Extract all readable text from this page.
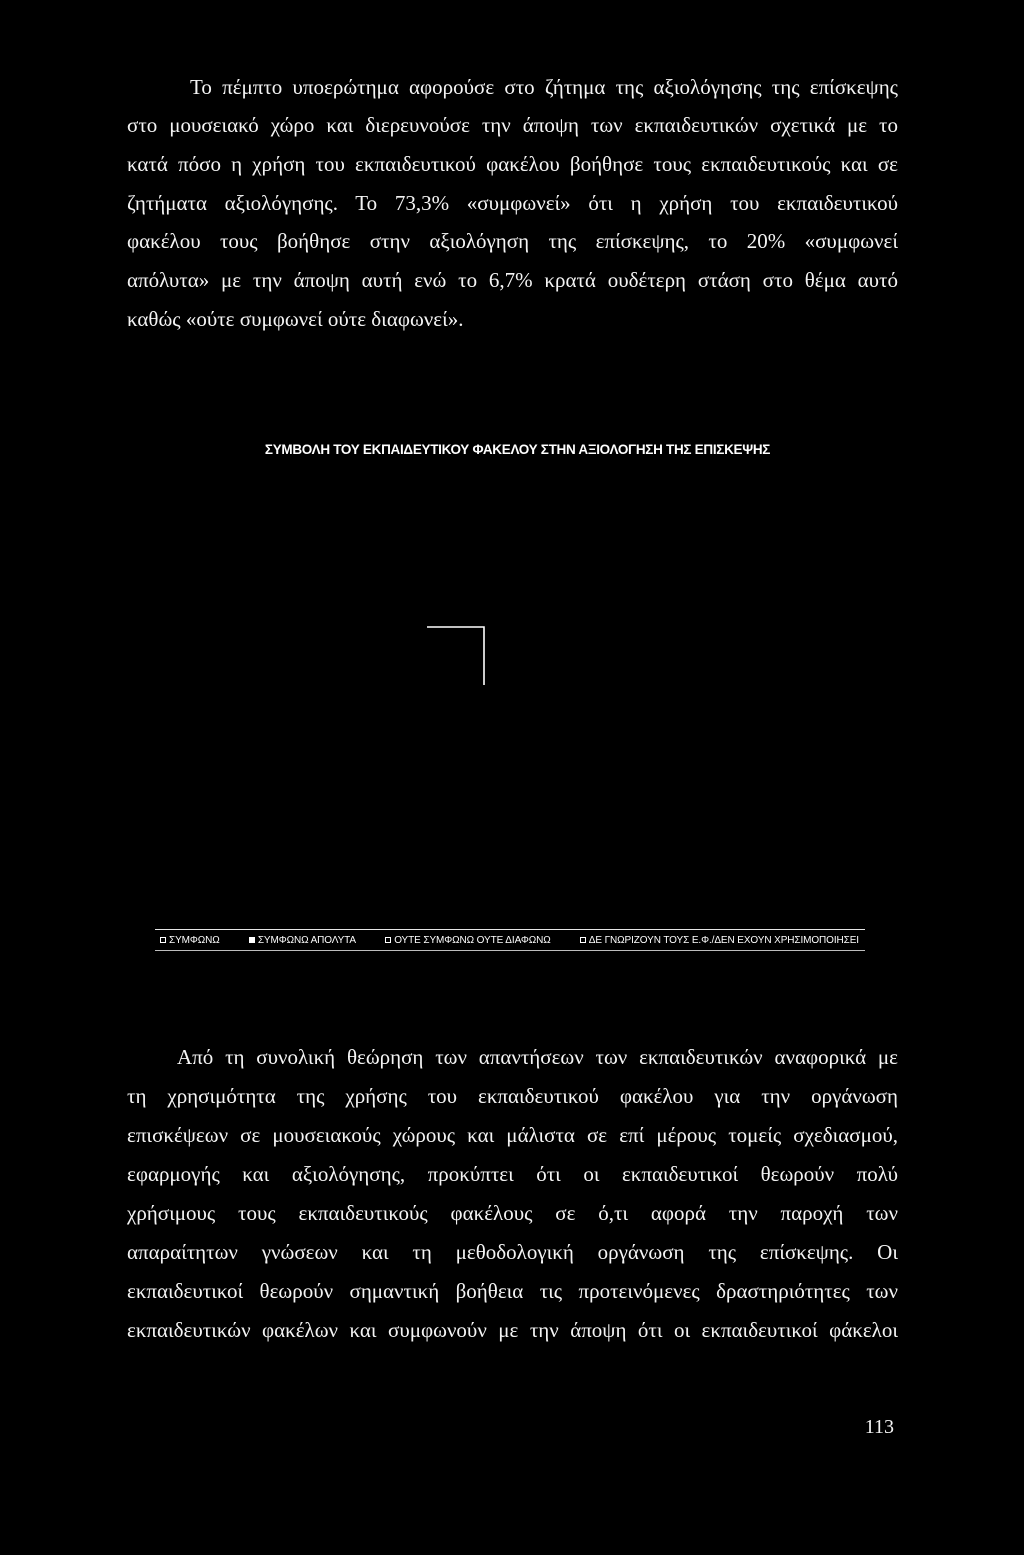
Το πέμπτο υποερώτημα αφορούσε στο ζήτημα της αξιολόγησης της επίσκεψης
στο μουσειακό χώρο και διερευνούσε την άποψη των εκπαιδευτικών σχετικά με το
κατά πόσο η χρήση του εκπαιδευτικού φακέλου βοήθησε τους εκπαιδευτικούς και σε
ζητήματα αξιολόγησης. Το 73,3% «συμφωνεί» ότι η χρήση του εκπαιδευτικού
φακέλου τους βοήθησε στην αξιολόγηση της επίσκεψης, το 20% «συμφωνεί
απόλυτα» με την άποψη αυτή ενώ το 6,7% κρατά ουδέτερη στάση στο θέμα αυτό
καθώς «ούτε συμφωνεί ούτε διαφωνεί».
ΣΥΜΒΟΛΗ ΤΟΥ ΕΚΠΑΙΔΕΥΤΙΚΟΥ ΦΑΚΕΛΟΥ ΣΤΗΝ ΑΞΙΟΛΟΓΗΣΗ ΤΗΣ ΕΠΙΣΚΕΨΗΣ
ΣΥΜΦΩΝΩ	ΣΥΜΦΩΝΩ ΑΠΟΛΥΤΑ	ΟΥΤΕ ΣΥΜΦΩΝΩ ΟΥΤΕ ΔΙΑΦΩΝΩ	ΔΕ ΓΝΩΡΙΖΟΥΝ ΤΟΥΣ Ε.Φ./ΔΕΝ ΕΧΟΥΝ ΧΡΗΣΙΜΟΠΟΙΗΣΕΙ
Από τη συνολική θεώρηση των απαντήσεων των εκπαιδευτικών αναφορικά με
τη χρησιμότητα της χρήσης του εκπαιδευτικού φακέλου για την οργάνωση
επισκέψεων σε μουσειακούς χώρους και μάλιστα σε επί μέρους τομείς σχεδιασμού,
εφαρμογής και αξιολόγησης, προκύπτει ότι οι εκπαιδευτικοί θεωρούν πολύ
χρήσιμους τους εκπαιδευτικούς φακέλους σε ό,τι αφορά την παροχή των
απαραίτητων γνώσεων και τη μεθοδολογική οργάνωση της επίσκεψης. Οι
εκπαιδευτικοί θεωρούν σημαντική βοήθεια τις προτεινόμενες δραστηριότητες των
εκπαιδευτικών φακέλων και συμφωνούν με την άποψη ότι οι εκπαιδευτικοί φάκελοι
113
